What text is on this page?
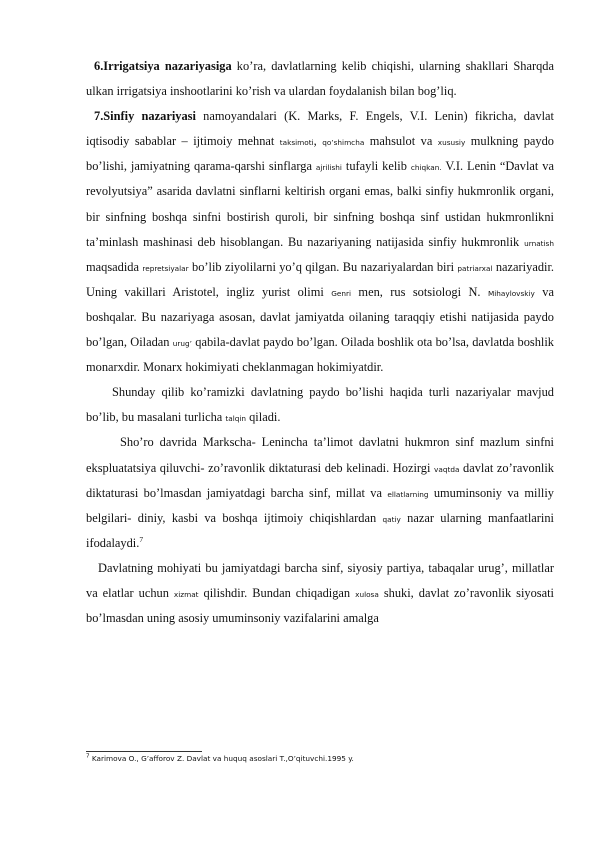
6.Irrigatsiya nazariyasiga ko’ra, davlatlarning kelib chiqishi, ularning shakllari Sharqda ulkan irrigatsiya inshootlarini ko’rish va ulardan foydalanish bilan bog’liq.

7.Sinfiy nazariyasi namoyandalari (K. Marks, F. Engels, V.I. Lenin) fikricha, davlat iqtisodiy sabablar – ijtimoiy mehnat taksimoti, qo’shimcha mahsulot va xususiy mulkning paydo bo’lishi, jamiyatning qarama-qarshi sinflarga ajrilishi tufayli kelib chiqkan. V.I. Lenin “Davlat va revolyutsiya” asarida davlatni sinflarni keltirish organi emas, balki sinfiy hukmronlik organi, bir sinfning boshqa sinfni bostirish quroli, bir sinfning boshqa sinf ustidan hukmronlikni ta’minlash mashinasi deb hisoblangan. Bu nazariyaning natijasida sinfiy hukmronlik urnatish maqsadida repretsiyalar bo’lib ziyolilarni yo’q qilgan. Bu nazariyalardan biri patriarxal nazariyadir. Uning vakillari Aristotel, ingliz yurist olimi Genri men, rus sotsiologi N. Mihaylovskiy va boshqalar. Bu nazariyaga asosan, davlat jamiyatda oilaning taraqqiy etishi natijasida paydo bo’lgan, Oiladan urug’ qabila-davlat paydo bo’lgan. Oilada boshlik ota bo’lsa, davlatda boshlik monarxdir. Monarx hokimiyati cheklanmagan hokimiyatdir.

Shunday qilib ko’ramizki davlatning paydo bo’lishi haqida turli nazariyalar mavjud bo’lib, bu masalani turlicha talqin qiladi.

Sho’ro davrida Markscha- Lenincha ta’limot davlatni hukmron sinf mazlum sinfni ekspluatatsiya qiluvchi- zo’ravonlik diktaturasi deb kelinadi. Hozirgi vaqtda davlat zo’ravonlik diktaturasi bo’lmasdan jamiyatdagi barcha sinf, millat va ellatlarning umuminsoniy va milliy belgilari- diniy, kasbi va boshqa ijtimoiy chiqishlardan qatiy nazar ularning manfaatlarini ifodalaydi.$^7$

Davlatning mohiyati bu jamiyatdagi barcha sinf, siyosiy partiya, tabaqalar urug’, millatlar va elatlar uchun xizmat qilishdir. Bundan chiqadigan xulosa shuki, davlat zo’ravonlik siyosati bo’lmasdan uning asosiy umuminsoniy vazifalarini amalga

$^7$ Karimova O., G’afforov Z. Davlat va huquq asoslari T.,O’qituvchi.1995 y.
